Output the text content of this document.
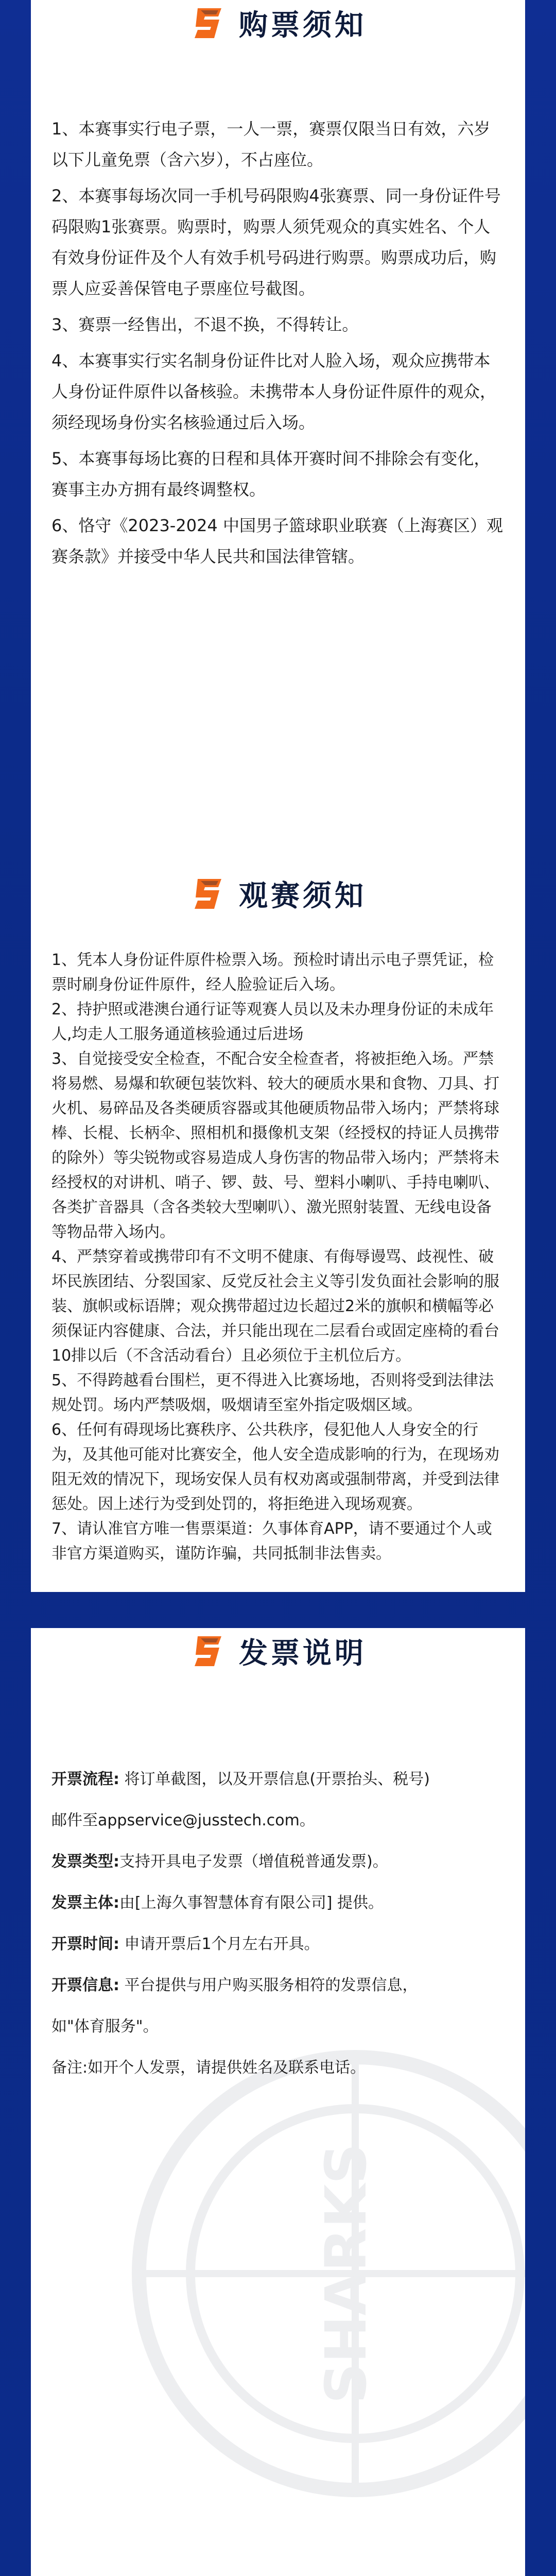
购票须知

1、本赛事实行电子票，一人一票，赛票仅限当日有效，六岁以下儿童免票（含六岁），不占座位。

2、本赛事每场次同一手机号码限购4张赛票、同一身份证件号码限购1张赛票。购票时，购票人须凭观众的真实姓名、个人有效身份证件及个人有效手机号码进行购票。购票成功后，购票人应妥善保管电子票座位号截图。

3、赛票一经售出，不退不换，不得转让。

4、本赛事实行实名制身份证件比对人脸入场，观众应携带本人身份证件原件以备核验。未携带本人身份证件原件的观众，须经现场身份实名核验通过后入场。

5、本赛事每场比赛的日程和具体开赛时间不排除会有变化，赛事主办方拥有最终调整权。

6、恪守《2023-2024 中国男子篮球职业联赛（上海赛区）观赛条款》并接受中华人民共和国法律管辖。

观赛须知

1、凭本人身份证件原件检票入场。预检时请出示电子票凭证，检票时刷身份证件原件，经人脸验证后入场。

2、持护照或港澳台通行证等观赛人员以及未办理身份证的未成年人,均走人工服务通道核验通过后进场

3、自觉接受安全检查，不配合安全检查者，将被拒绝入场。严禁将易燃、易爆和软硬包装饮料、较大的硬质水果和食物、刀具、打火机、易碎品及各类硬质容器或其他硬质物品带入场内；严禁将球棒、长棍、长柄伞、照相机和摄像机支架（经授权的持证人员携带的除外）等尖锐物或容易造成人身伤害的物品带入场内；严禁将未经授权的对讲机、哨子、锣、鼓、号、塑料小喇叭、手持电喇叭、各类扩音器具（含各类较大型喇叭）、激光照射装置、无线电设备等物品带入场内。

4、严禁穿着或携带印有不文明不健康、有侮辱谩骂、歧视性、破坏民族团结、分裂国家、反党反社会主义等引发负面社会影响的服装、旗帜或标语牌；观众携带超过边长超过2米的旗帜和横幅等必须保证内容健康、合法，并只能出现在二层看台或固定座椅的看台10排以后（不含活动看台）且必须位于主机位后方。

5、不得跨越看台围栏，更不得进入比赛场地，否则将受到法律法规处罚。场内严禁吸烟，吸烟请至室外指定吸烟区域。

6、任何有碍现场比赛秩序、公共秩序，侵犯他人人身安全的行为，及其他可能对比赛安全，他人安全造成影响的行为，在现场劝阻无效的情况下，现场安保人员有权劝离或强制带离，并受到法律惩处。因上述行为受到处罚的，将拒绝进入现场观赛。

7、请认准官方唯一售票渠道：久事体育APP，请不要通过个人或非官方渠道购买，谨防诈骗，共同抵制非法售卖。

SHARKS
发票说明

开票流程: 将订单截图，以及开票信息(开票抬头、税号)

邮件至appservice@jusstech.com。

发票类型:支持开具电子发票（增值税普通发票)。

发票主体:由[上海久事智慧体育有限公司] 提供。

开票时间: 申请开票后1个月左右开具。

开票信息: 平台提供与用户购买服务相符的发票信息，

如"体育服务"。

备注:如开个人发票，请提供姓名及联系电话。
